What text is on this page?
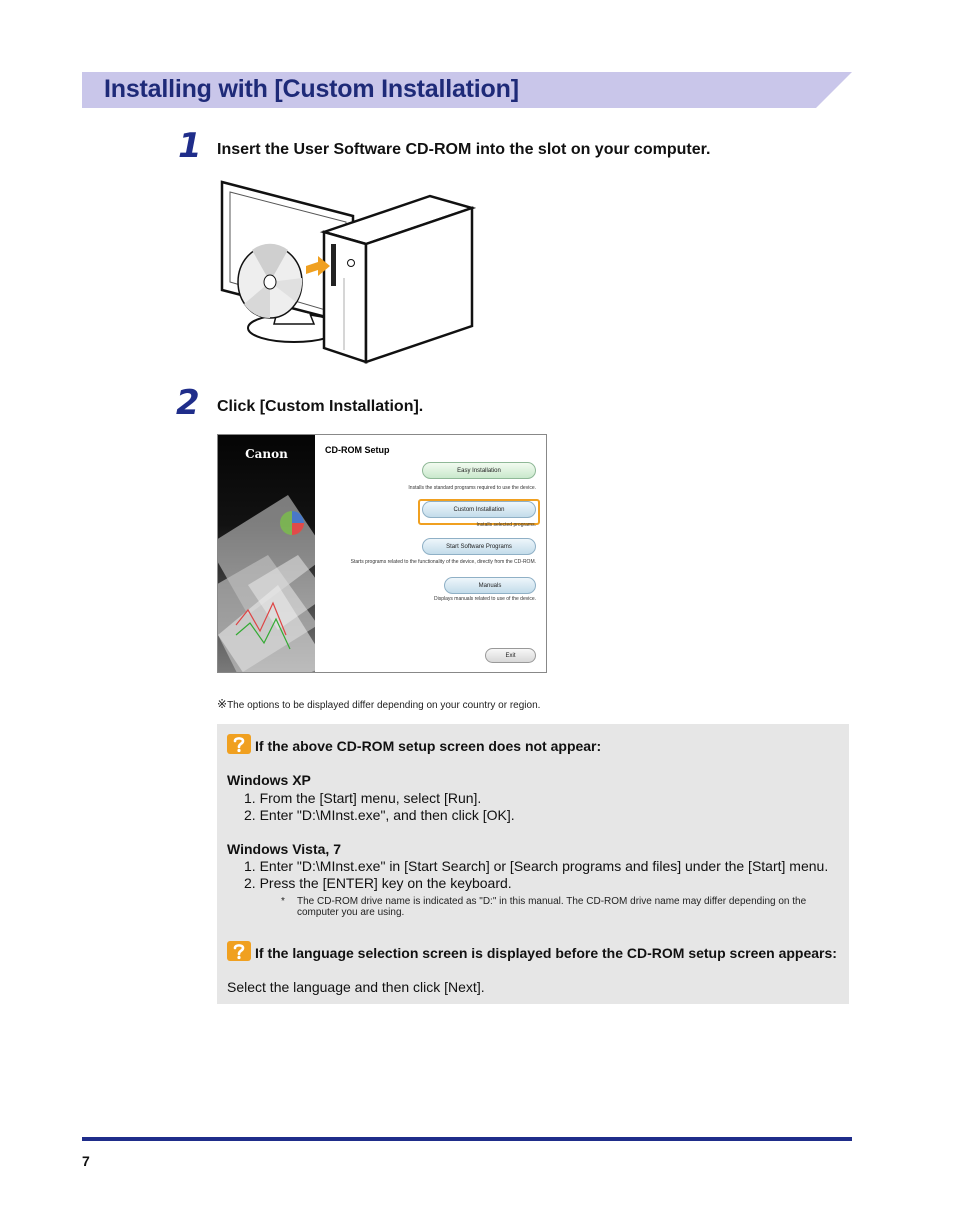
Installing with [Custom Installation]
1 Insert the User Software CD-ROM into the slot on your computer.
2 Click [Custom Installation].
Canon	CD-ROM Setup
Easy Installation
Installs the standard programs required to use the device.
Custom Installation
Installs selected programs.
Start Software Programs
Starts programs related to the functionality of the device, directly from the CD-ROM.
Manuals
Displays manuals related to use of the device.
Exit
※The options to be displayed differ depending on your country or region.
If the above CD-ROM setup screen does not appear:
Windows XP
1. From the [Start] menu, select [Run].
2. Enter "D:\MInst.exe", and then click [OK].
Windows Vista, 7
1. Enter "D:\MInst.exe" in [Start Search] or [Search programs and files] under the [Start] menu.
2. Press the [ENTER] key on the keyboard.
* The CD-ROM drive name is indicated as "D:" in this manual. The CD-ROM drive name may differ depending on the computer you are using.
If the language selection screen is displayed before the CD-ROM setup screen appears:
Select the language and then click [Next].
7
